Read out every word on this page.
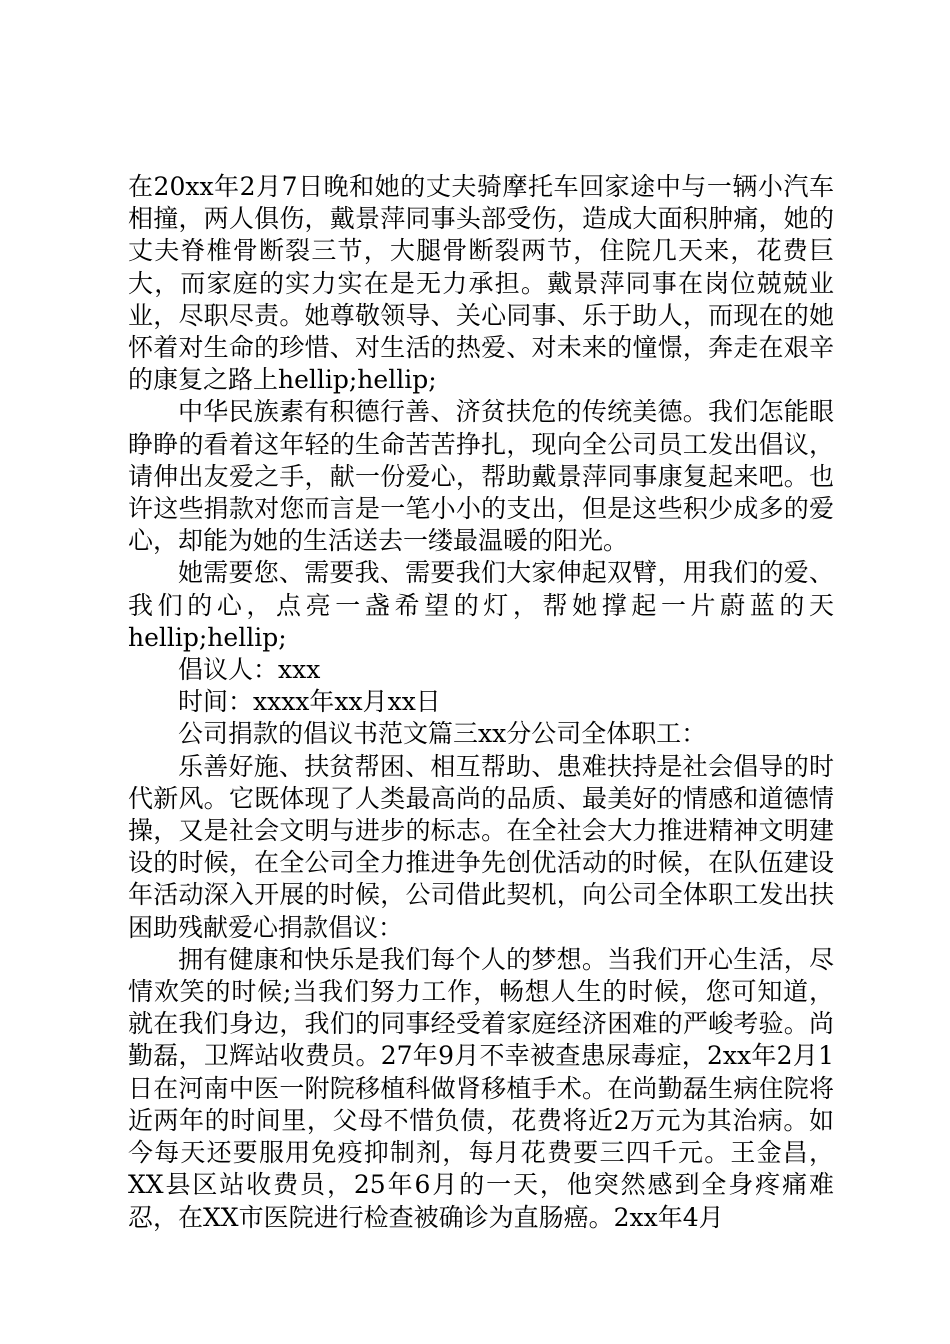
在20xx年2月7日晚和她的丈夫骑摩托车回家途中与一辆小汽车相撞，两人俱伤，戴景萍同事头部受伤，造成大面积肿痛，她的丈夫脊椎骨断裂三节，大腿骨断裂两节，住院几天来，花费巨大，而家庭的实力实在是无力承担。戴景萍同事在岗位兢兢业业，尽职尽责。她尊敬领导、关心同事、乐于助人，而现在的她怀着对生命的珍惜、对生活的热爱、对未来的憧憬，奔走在艰辛的康复之路上hellip;hellip;

中华民族素有积德行善、济贫扶危的传统美德。我们怎能眼睁睁的看着这年轻的生命苦苦挣扎，现向全公司员工发出倡议，请伸出友爱之手，献一份爱心，帮助戴景萍同事康复起来吧。也许这些捐款对您而言是一笔小小的支出，但是这些积少成多的爱心，却能为她的生活送去一缕最温暖的阳光。

她需要您、需要我、需要我们大家伸起双臂，用我们的爱、我们的心，点亮一盏希望的灯，帮她撑起一片蔚蓝的天hellip;hellip;

倡议人：xxx

时间：xxxx年xx月xx日

公司捐款的倡议书范文篇三xx分公司全体职工：

乐善好施、扶贫帮困、相互帮助、患难扶持是社会倡导的时代新风。它既体现了人类最高尚的品质、最美好的情感和道德情操，又是社会文明与进步的标志。在全社会大力推进精神文明建设的时候，在全公司全力推进争先创优活动的时候，在队伍建设年活动深入开展的时候，公司借此契机，向公司全体职工发出扶困助残献爱心捐款倡议：

拥有健康和快乐是我们每个人的梦想。当我们开心生活，尽情欢笑的时候;当我们努力工作，畅想人生的时候，您可知道，就在我们身边，我们的同事经受着家庭经济困难的严峻考验。尚勤磊，卫辉站收费员。27年9月不幸被查患尿毒症，2xx年2月1日在河南中医一附院移植科做肾移植手术。在尚勤磊生病住院将近两年的时间里，父母不惜负债，花费将近2万元为其治病。如今每天还要服用免疫抑制剂，每月花费要三四千元。王金昌，XX县区站收费员，25年6月的一天，他突然感到全身疼痛难忍，在XX市医院进行检查被确诊为直肠癌。2xx年4月
